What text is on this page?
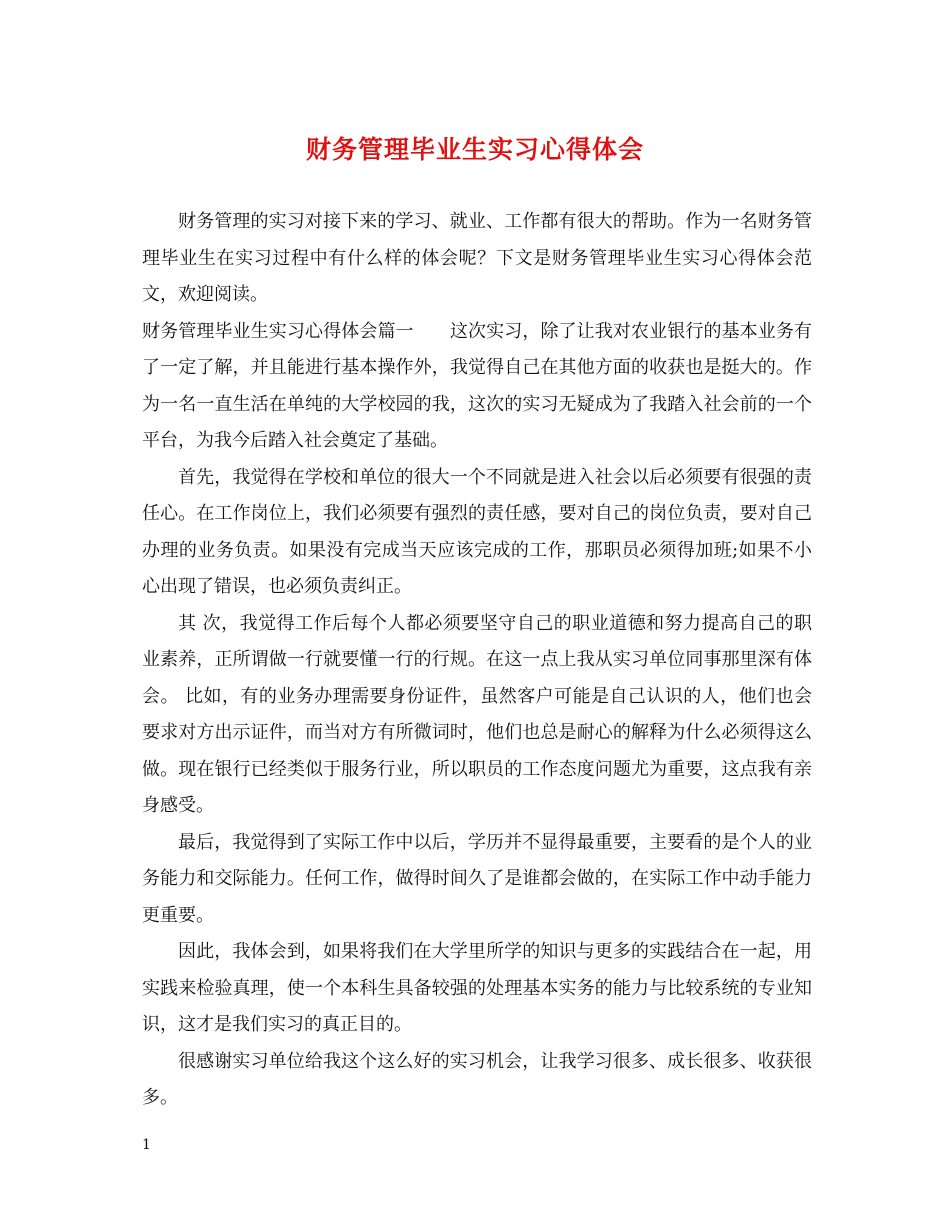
财务管理毕业生实习心得体会

财务管理的实习对接下来的学习、就业、工作都有很大的帮助。作为一名财务管理毕业生在实习过程中有什么样的体会呢？下文是财务管理毕业生实习心得体会范文，欢迎阅读。

财务管理毕业生实习心得体会篇一　　这次实习，除了让我对农业银行的基本业务有了一定了解，并且能进行基本操作外，我觉得自己在其他方面的收获也是挺大的。作为一名一直生活在单纯的大学校园的我，这次的实习无疑成为了我踏入社会前的一个平台，为我今后踏入社会奠定了基础。

首先，我觉得在学校和单位的很大一个不同就是进入社会以后必须要有很强的责任心。在工作岗位上，我们必须要有强烈的责任感，要对自己的岗位负责，要对自己办理的业务负责。如果没有完成当天应该完成的工作，那职员必须得加班;如果不小心出现了错误，也必须负责纠正。

其 次，我觉得工作后每个人都必须要坚守自己的职业道德和努力提高自己的职业素养，正所谓做一行就要懂一行的行规。在这一点上我从实习单位同事那里深有体会。 比如，有的业务办理需要身份证件，虽然客户可能是自己认识的人，他们也会要求对方出示证件，而当对方有所微词时，他们也总是耐心的解释为什么必须得这么 做。现在银行已经类似于服务行业，所以职员的工作态度问题尤为重要，这点我有亲身感受。

最后，我觉得到了实际工作中以后，学历并不显得最重要，主要看的是个人的业务能力和交际能力。任何工作，做得时间久了是谁都会做的，在实际工作中动手能力更重要。

因此，我体会到，如果将我们在大学里所学的知识与更多的实践结合在一起，用实践来检验真理，使一个本科生具备较强的处理基本实务的能力与比较系统的专业知识，这才是我们实习的真正目的。

很感谢实习单位给我这个这么好的实习机会，让我学习很多、成长很多、收获很多。

1
